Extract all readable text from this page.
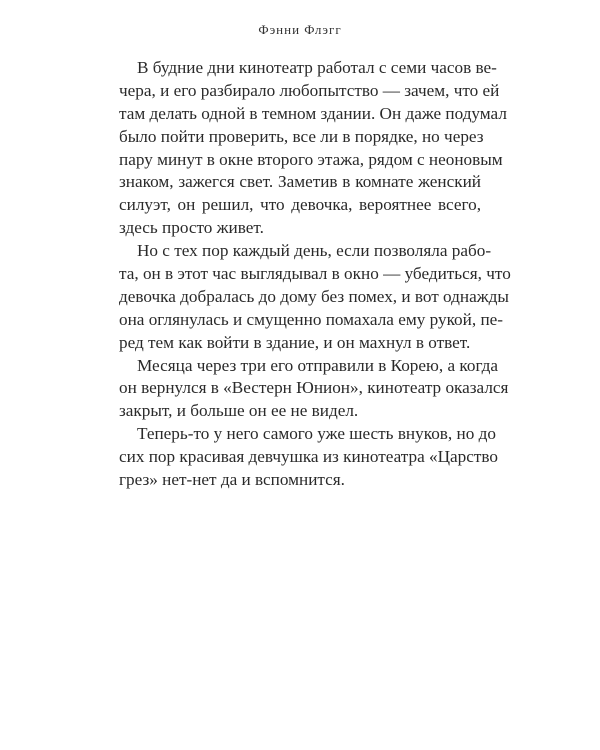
Фэнни Флэгг
В будние дни кинотеатр работал с семи часов ве-
чера, и его разбирало любопытство — зачем, что ей
там делать одной в темном здании. Он даже подумал
было пойти проверить, все ли в порядке, но через
пару минут в окне второго этажа, рядом с неоновым
знаком, зажегся свет. Заметив в комнате женский
силуэт, он решил, что девочка, вероятнее всего,
здесь просто живет.
Но с тех пор каждый день, если позволяла рабо-
та, он в этот час выглядывал в окно — убедиться, что
девочка добралась до дому без помех, и вот однажды
она оглянулась и смущенно помахала ему рукой, пе-
ред тем как войти в здание, и он махнул в ответ.
Месяца через три его отправили в Корею, а когда
он вернулся в «Вестерн Юнион», кинотеатр оказался
закрыт, и больше он ее не видел.
Теперь-то у него самого уже шесть внуков, но до
сих пор красивая девчушка из кинотеатра «Царство
грез» нет-нет да и вспомнится.
